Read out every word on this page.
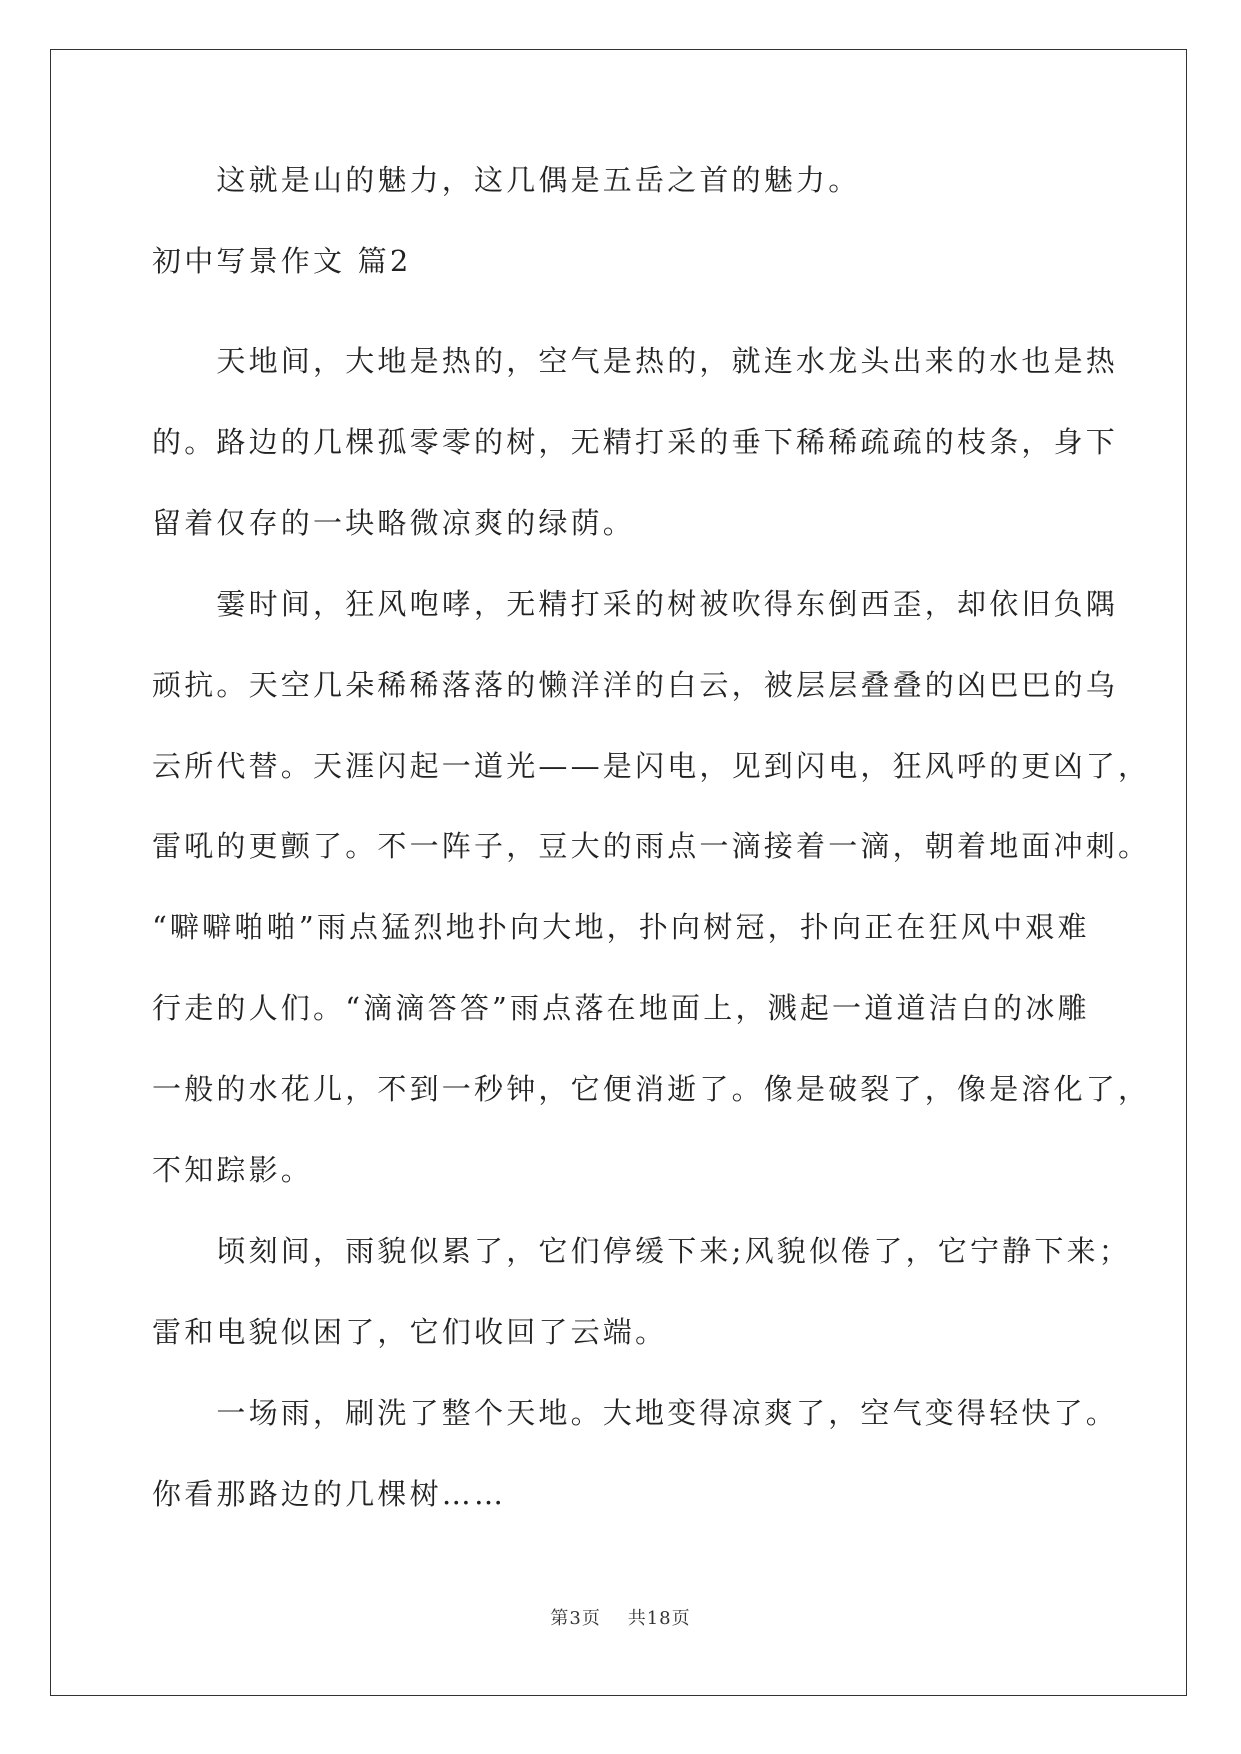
　　这就是山的魅力，这几偶是五岳之首的魅力。
初中写景作文 篇2
　　天地间，大地是热的，空气是热的，就连水龙头出来的水也是热
的。路边的几棵孤零零的树，无精打采的垂下稀稀疏疏的枝条，身下
留着仅存的一块略微凉爽的绿荫。
　　霎时间，狂风咆哮，无精打采的树被吹得东倒西歪，却依旧负隅
顽抗。天空几朵稀稀落落的懒洋洋的白云，被层层叠叠的凶巴巴的乌
云所代替。天涯闪起一道光——是闪电，见到闪电，狂风呼的更凶了，
雷吼的更颤了。不一阵子，豆大的雨点一滴接着一滴，朝着地面冲刺。
“噼噼啪啪”雨点猛烈地扑向大地，扑向树冠，扑向正在狂风中艰难
行走的人们。“滴滴答答”雨点落在地面上，溅起一道道洁白的冰雕
一般的水花儿，不到一秒钟，它便消逝了。像是破裂了，像是溶化了，
不知踪影。
　　顷刻间，雨貌似累了，它们停缓下来;风貌似倦了，它宁静下来；
雷和电貌似困了，它们收回了云端。
　　一场雨，刷洗了整个天地。大地变得凉爽了，空气变得轻快了。
你看那路边的几棵树……
第3页 共18页
